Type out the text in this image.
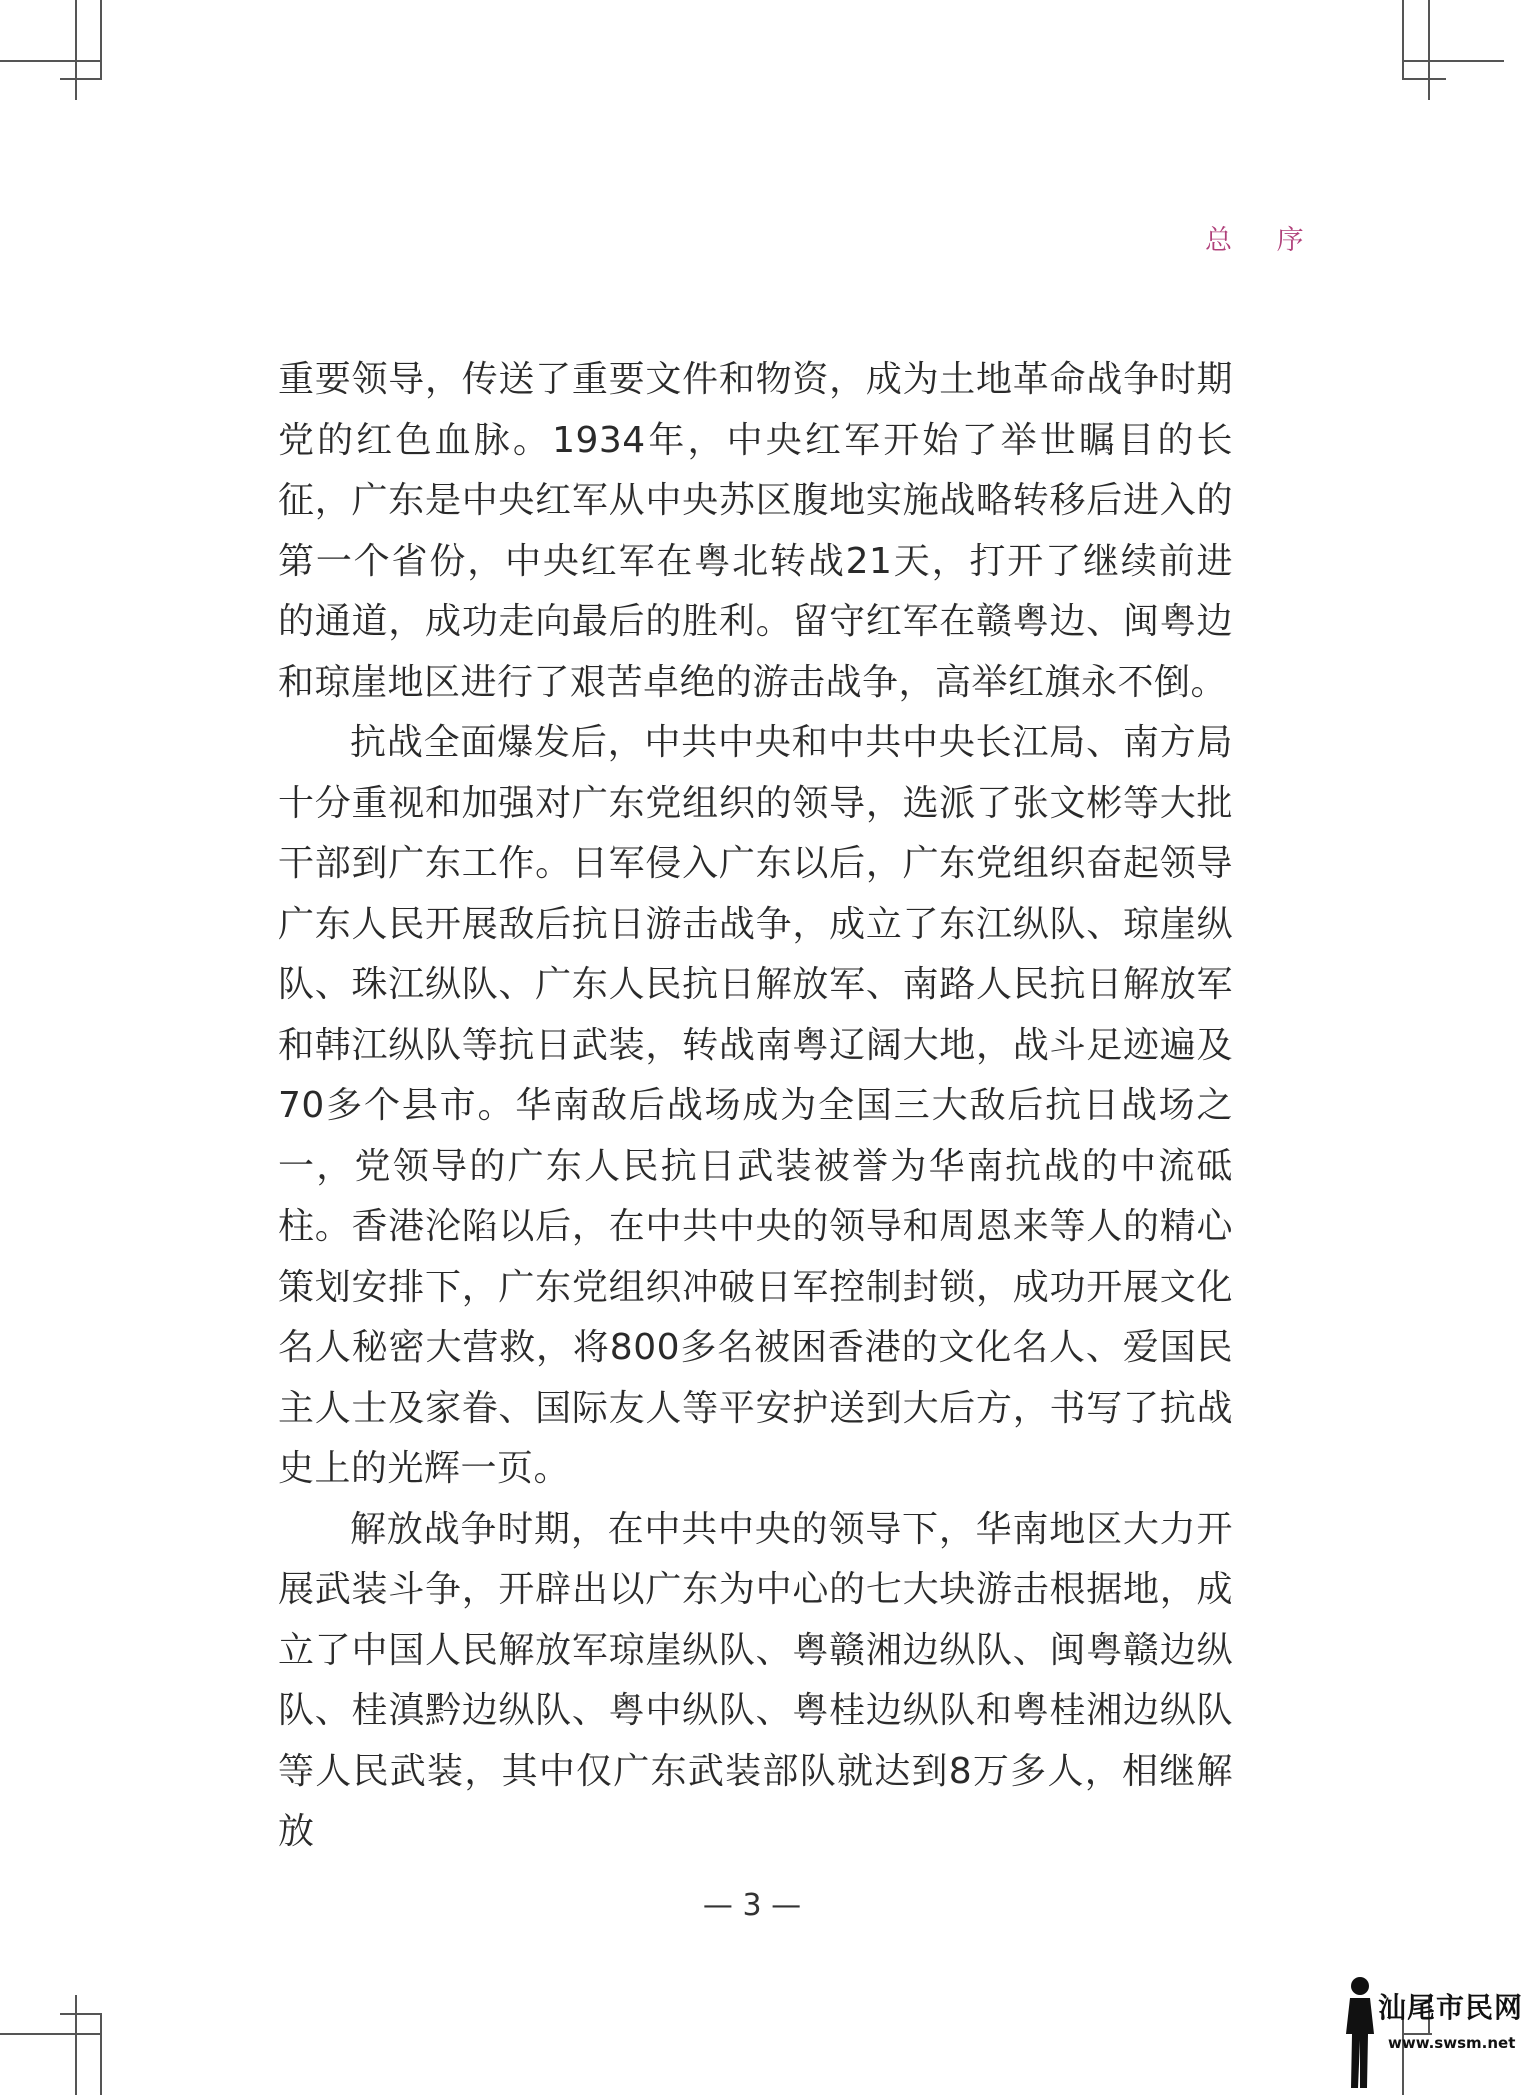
总 序

重要领导，传送了重要文件和物资，成为土地革命战争时期党的红色血脉。1934年，中央红军开始了举世瞩目的长征，广东是中央红军从中央苏区腹地实施战略转移后进入的第一个省份，中央红军在粤北转战21天，打开了继续前进的通道，成功走向最后的胜利。留守红军在赣粤边、闽粤边和琼崖地区进行了艰苦卓绝的游击战争，高举红旗永不倒。

抗战全面爆发后，中共中央和中共中央长江局、南方局十分重视和加强对广东党组织的领导，选派了张文彬等大批干部到广东工作。日军侵入广东以后，广东党组织奋起领导广东人民开展敌后抗日游击战争，成立了东江纵队、琼崖纵队、珠江纵队、广东人民抗日解放军、南路人民抗日解放军和韩江纵队等抗日武装，转战南粤辽阔大地，战斗足迹遍及70多个县市。华南敌后战场成为全国三大敌后抗日战场之一，党领导的广东人民抗日武装被誉为华南抗战的中流砥柱。香港沦陷以后，在中共中央的领导和周恩来等人的精心策划安排下，广东党组织冲破日军控制封锁，成功开展文化名人秘密大营救，将800多名被困香港的文化名人、爱国民主人士及家眷、国际友人等平安护送到大后方，书写了抗战史上的光辉一页。

解放战争时期，在中共中央的领导下，华南地区大力开展武装斗争，开辟出以广东为中心的七大块游击根据地，成立了中国人民解放军琼崖纵队、粤赣湘边纵队、闽粤赣边纵队、桂滇黔边纵队、粤中纵队、粤桂边纵队和粤桂湘边纵队等人民武装，其中仅广东武装部队就达到8万多人，相继解放

— 3 —
汕尾市民网
www.swsm.net
